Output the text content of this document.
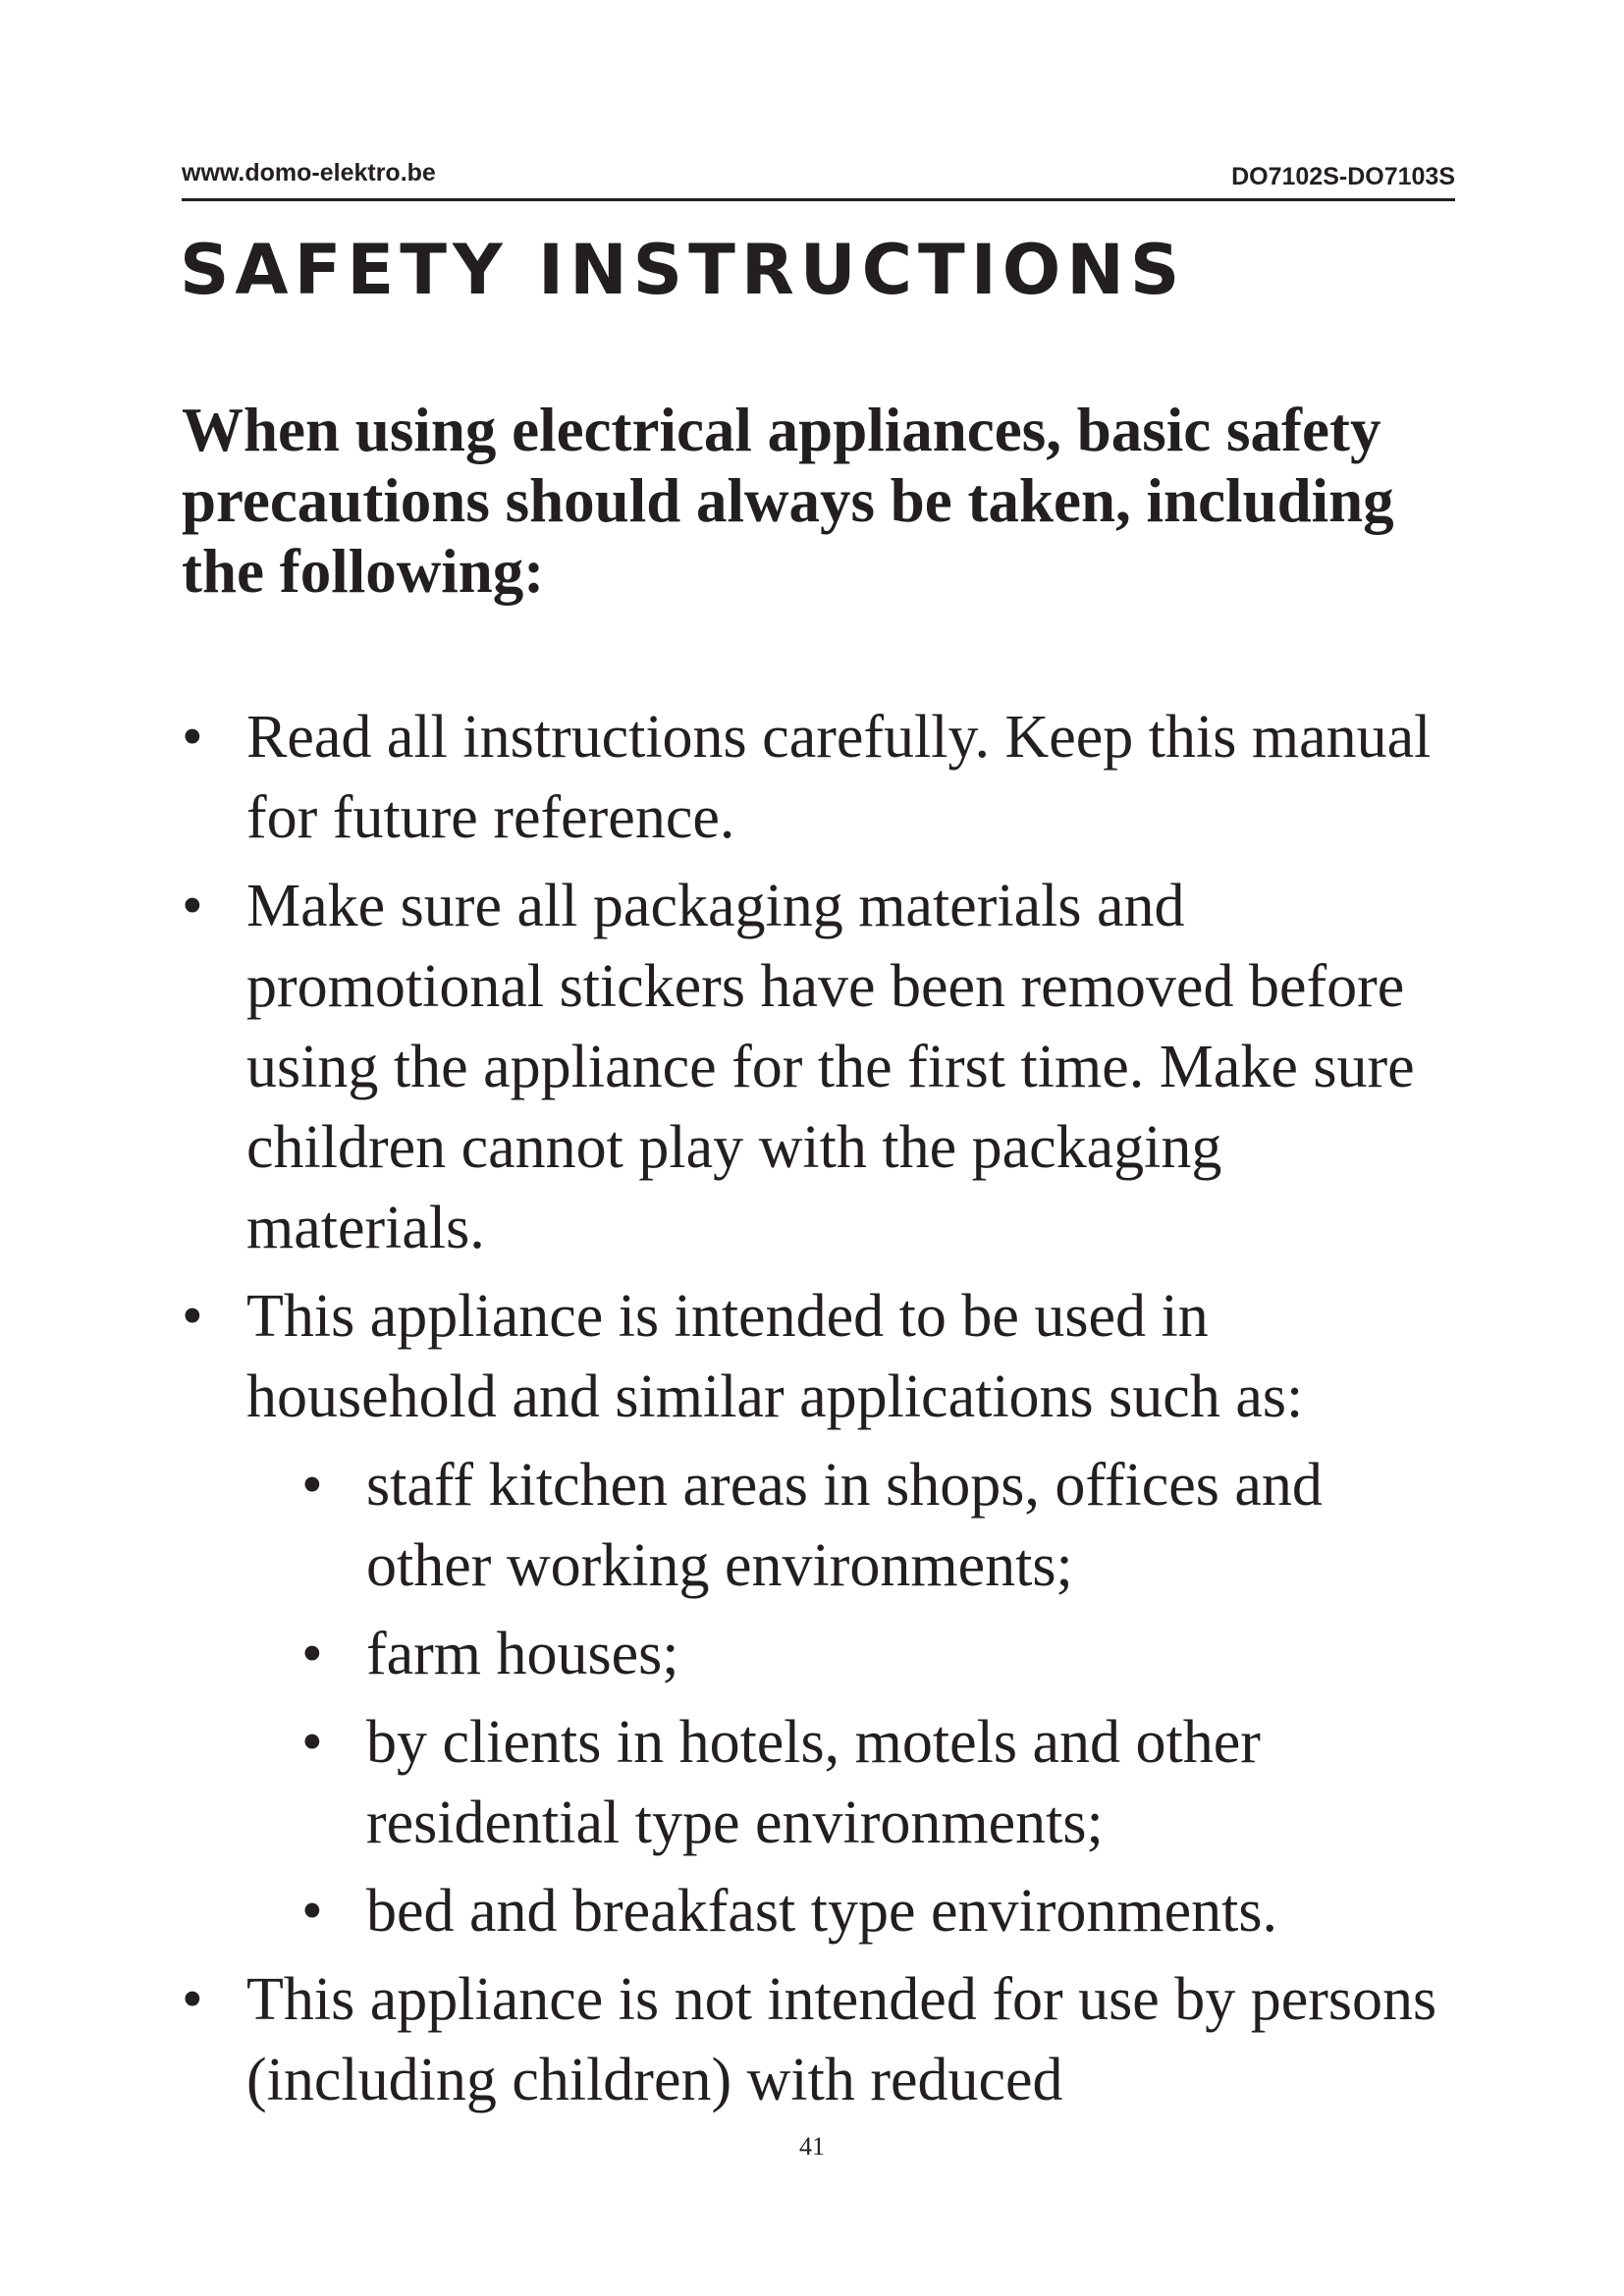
www.domo-elektro.be	DO7102S-DO7103S
SAFETY INSTRUCTIONS

When using electrical appliances, basic safety precautions should always be taken, including the following:

• Read all instructions carefully. Keep this manual for future reference.
• Make sure all packaging materials and promotional stickers have been removed before using the appliance for the first time. Make sure children cannot play with the packaging materials.
• This appliance is intended to be used in household and similar applications such as:
• staff kitchen areas in shops, offices and other working environments;
• farm houses;
• by clients in hotels, motels and other residential type environments;
• bed and breakfast type environments.
• This appliance is not intended for use by persons (including children) with reduced
41
